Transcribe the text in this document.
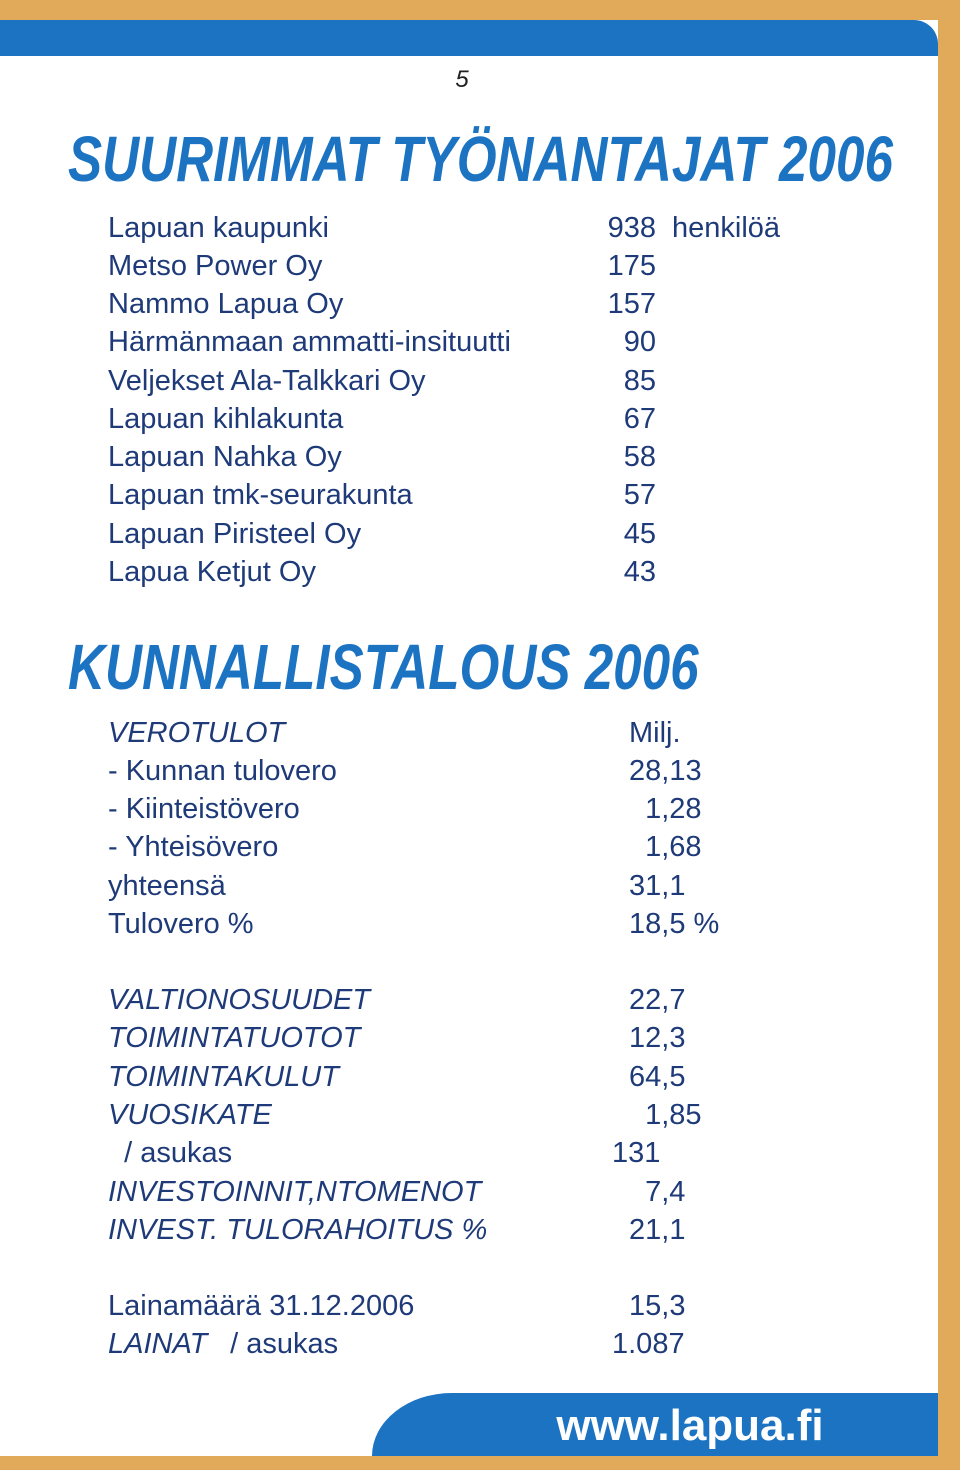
5
SUURIMMAT TYÖNANTAJAT 2006
Lapuan kaupunki	938 henkilöä
Metso Power Oy	175
Nammo Lapua Oy	157
Härmänmaan ammatti-insituutti	90
Veljekset Ala-Talkkari Oy	85
Lapuan kihlakunta	67
Lapuan Nahka Oy	58
Lapuan tmk-seurakunta	57
Lapuan Piristeel Oy	45
Lapua Ketjut Oy	43
KUNNALLISTALOUS 2006
VEROTULOT	Milj.
- Kunnan tulovero	28,13
- Kiinteistövero	1,28
- Yhteisövero	1,68
yhteensä	31,1
Tulovero %	18,5 %
VALTIONOSUUDET	22,7
TOIMINTATUOTOT	12,3
TOIMINTAKULUT	64,5
VUOSIKATE	1,85
/ asukas	131
INVESTOINNIT,NTOMENOT	7,4
INVEST. TULORAHOITUS %	21,1
Lainamäärä 31.12.2006	15,3
LAINAT / asukas	1.087
www.lapua.fi
